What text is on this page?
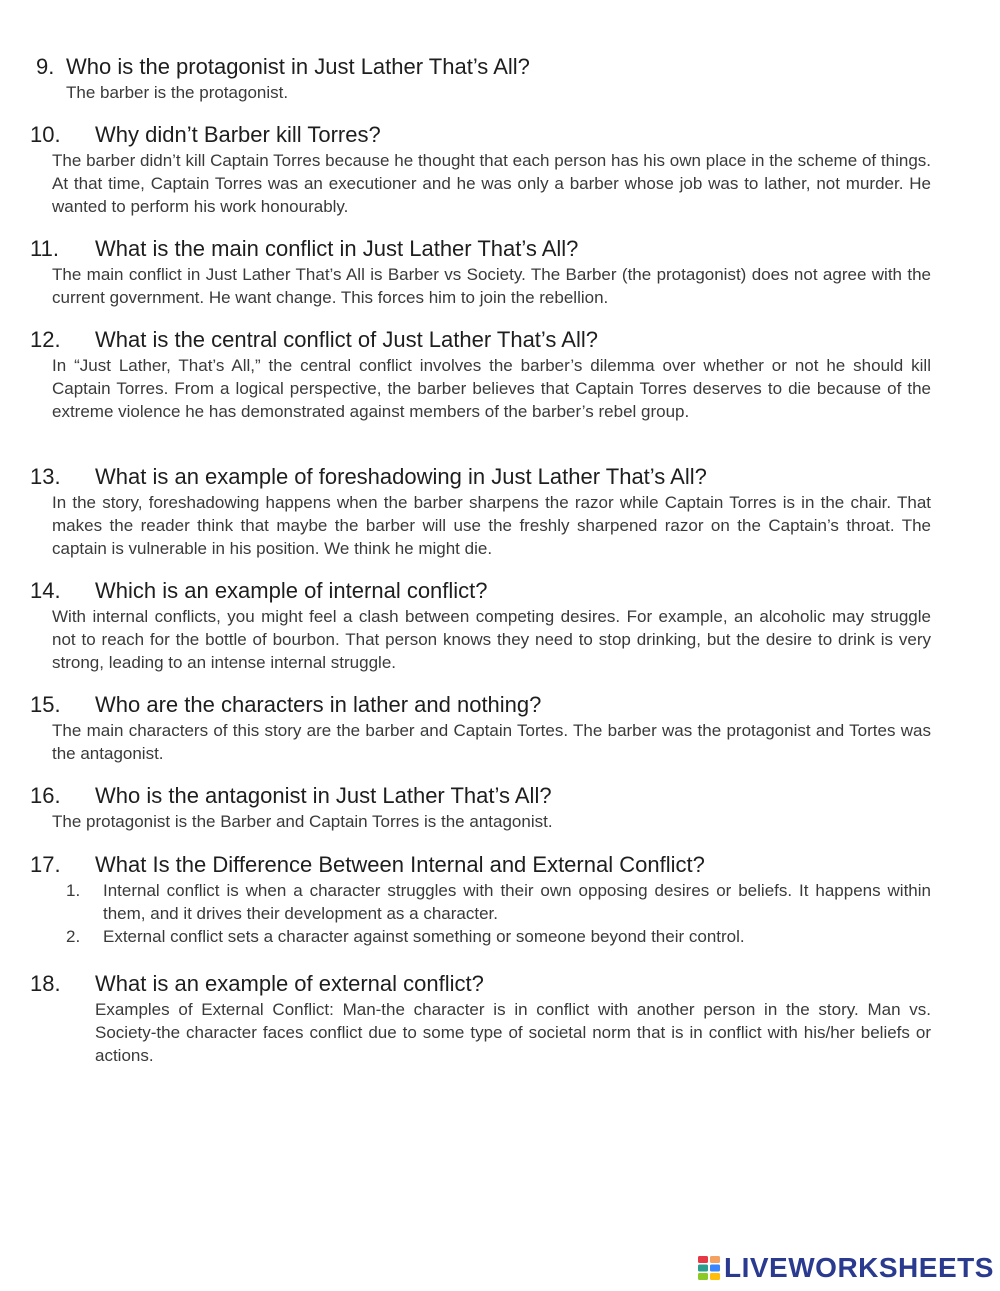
9. Who is the protagonist in Just Lather That’s All?

The barber is the protagonist.

10. Why didn’t Barber kill Torres?

The barber didn’t kill Captain Torres because he thought that each person has his own place in the scheme of things. At that time, Captain Torres was an executioner and he was only a barber whose job was to lather, not murder. He wanted to perform his work honourably.

11. What is the main conflict in Just Lather That’s All?

The main conflict in Just Lather That’s All is Barber vs Society. The Barber (the protagonist) does not agree with the current government. He want change. This forces him to join the rebellion.

12. What is the central conflict of Just Lather That’s All?

In “Just Lather, That’s All,” the central conflict involves the barber’s dilemma over whether or not he should kill Captain Torres. From a logical perspective, the barber believes that Captain Torres deserves to die because of the extreme violence he has demonstrated against members of the barber’s rebel group.

13. What is an example of foreshadowing in Just Lather That’s All?

In the story, foreshadowing happens when the barber sharpens the razor while Captain Torres is in the chair. That makes the reader think that maybe the barber will use the freshly sharpened razor on the Captain’s throat. The captain is vulnerable in his position. We think he might die.

14. Which is an example of internal conflict?

With internal conflicts, you might feel a clash between competing desires. For example, an alcoholic may struggle not to reach for the bottle of bourbon. That person knows they need to stop drinking, but the desire to drink is very strong, leading to an intense internal struggle.

15. Who are the characters in lather and nothing?

The main characters of this story are the barber and Captain Tortes. The barber was the protagonist and Tortes was the antagonist.

16. Who is the antagonist in Just Lather That’s All?

The protagonist is the Barber and Captain Torres is the antagonist.

17. What Is the Difference Between Internal and External Conflict?
1. Internal conflict is when a character struggles with their own opposing desires or beliefs. It happens within them, and it drives their development as a character.
2. External conflict sets a character against something or someone beyond their control.
18. What is an example of external conflict?

Examples of External Conflict: Man-the character is in conflict with another person in the story. Man vs. Society-the character faces conflict due to some type of societal norm that is in conflict with his/her beliefs or actions.

LIVEWORKSHEETS
